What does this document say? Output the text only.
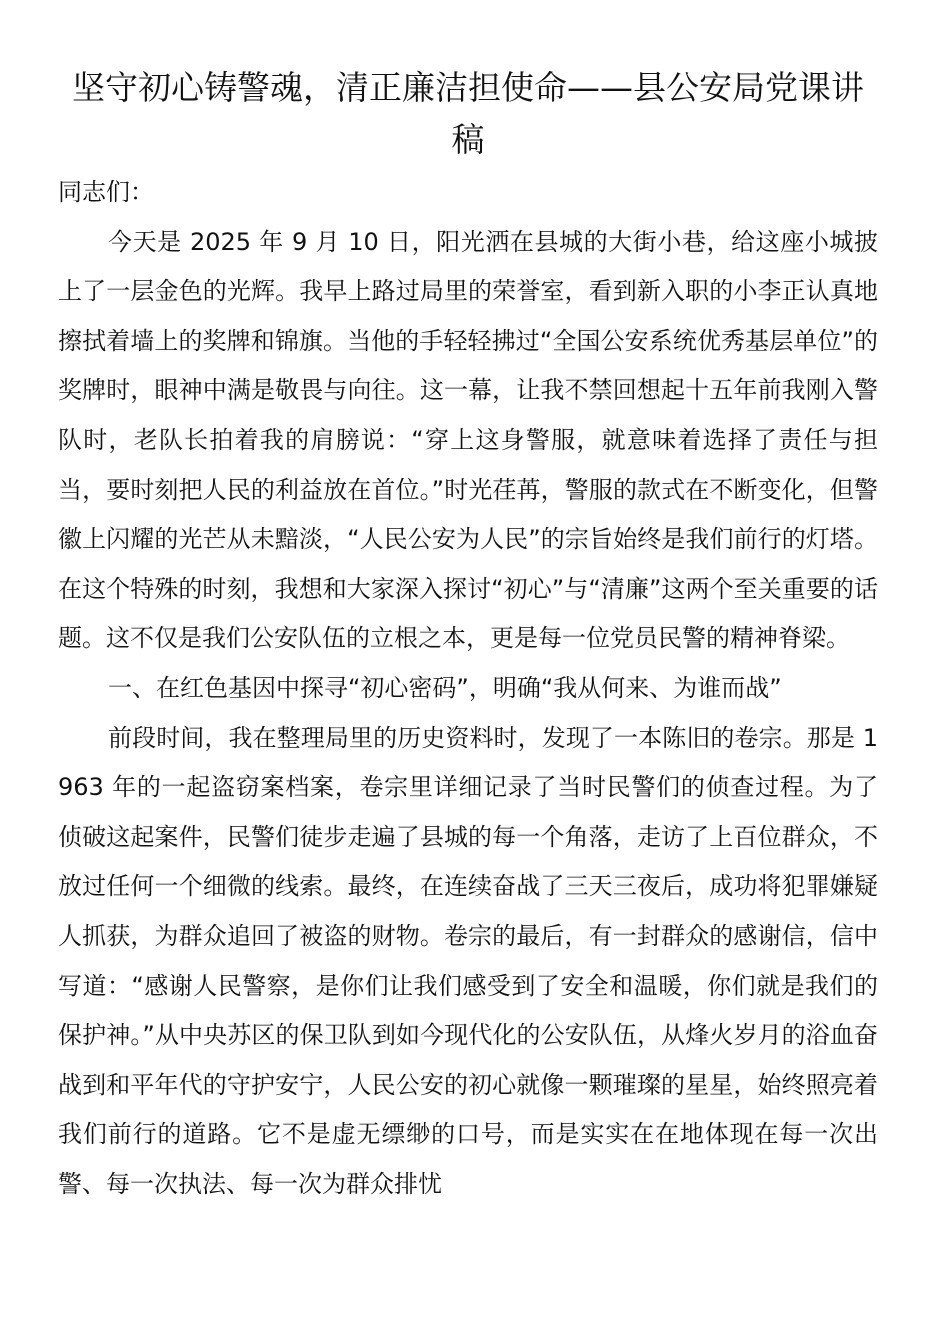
坚守初心铸警魂，清正廉洁担使命——县公安局党课讲稿

同志们：

今天是 2025 年 9 月 10 日，阳光洒在县城的大街小巷，给这座小城披上了一层金色的光辉。我早上路过局里的荣誉室，看到新入职的小李正认真地擦拭着墙上的奖牌和锦旗。当他的手轻轻拂过“全国公安系统优秀基层单位”的奖牌时，眼神中满是敬畏与向往。这一幕，让我不禁回想起十五年前我刚入警队时，老队长拍着我的肩膀说：“穿上这身警服，就意味着选择了责任与担当，要时刻把人民的利益放在首位。”时光荏苒，警服的款式在不断变化，但警徽上闪耀的光芒从未黯淡，“人民公安为人民”的宗旨始终是我们前行的灯塔。在这个特殊的时刻，我想和大家深入探讨“初心”与“清廉”这两个至关重要的话题。这不仅是我们公安队伍的立根之本，更是每一位党员民警的精神脊梁。

一、在红色基因中探寻“初心密码”，明确“我从何来、为谁而战”

前段时间，我在整理局里的历史资料时，发现了一本陈旧的卷宗。那是 1963 年的一起盗窃案档案，卷宗里详细记录了当时民警们的侦查过程。为了侦破这起案件，民警们徒步走遍了县城的每一个角落，走访了上百位群众，不放过任何一个细微的线索。最终，在连续奋战了三天三夜后，成功将犯罪嫌疑人抓获，为群众追回了被盗的财物。卷宗的最后，有一封群众的感谢信，信中写道：“感谢人民警察，是你们让我们感受到了安全和温暖，你们就是我们的保护神。”从中央苏区的保卫队到如今现代化的公安队伍，从烽火岁月的浴血奋战到和平年代的守护安宁，人民公安的初心就像一颗璀璨的星星，始终照亮着我们前行的道路。它不是虚无缥缈的口号，而是实实在在地体现在每一次出警、每一次执法、每一次为群众排忧
